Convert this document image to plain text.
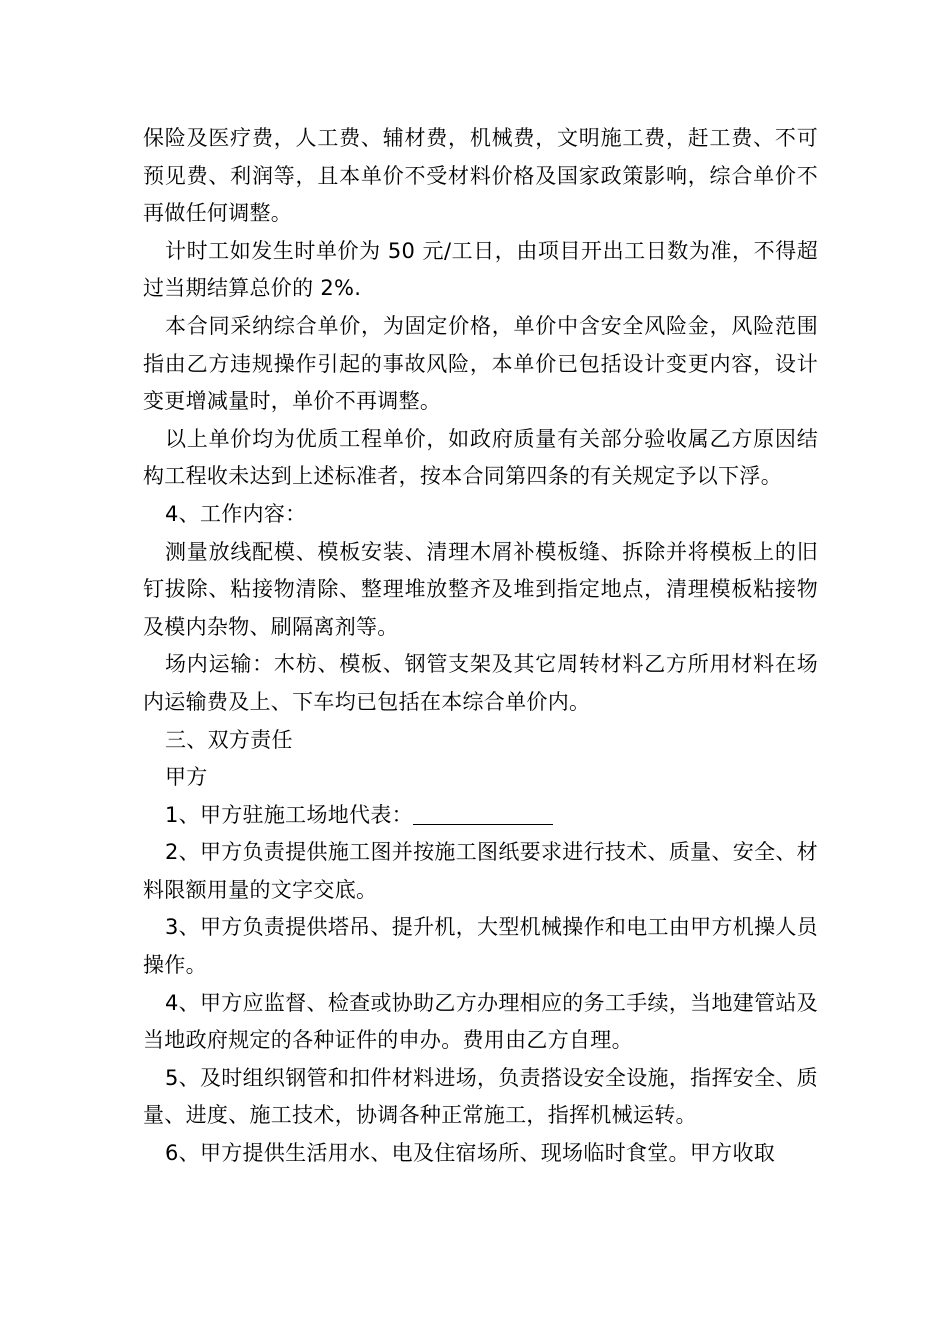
保险及医疗费，人工费、辅材费，机械费，文明施工费，赶工费、不可预见费、利润等，且本单价不受材料价格及国家政策影响，综合单价不再做任何调整。

计时工如发生时单价为 50 元/工日，由项目开出工日数为准，不得超过当期结算总价的 2%.

本合同采纳综合单价，为固定价格，单价中含安全风险金，风险范围指由乙方违规操作引起的事故风险，本单价已包括设计变更内容，设计变更增减量时，单价不再调整。

以上单价均为优质工程单价，如政府质量有关部分验收属乙方原因结构工程收未达到上述标准者，按本合同第四条的有关规定予以下浮。

4、工作内容：

测量放线配模、模板安装、清理木屑补模板缝、拆除并将模板上的旧钉拔除、粘接物清除、整理堆放整齐及堆到指定地点，清理模板粘接物及模内杂物、刷隔离剂等。

场内运输：木枋、模板、钢管支架及其它周转材料乙方所用材料在场内运输费及上、下车均已包括在本综合单价内。

三、双方责任

甲方

1、甲方驻施工场地代表：

2、甲方负责提供施工图并按施工图纸要求进行技术、质量、安全、材料限额用量的文字交底。

3、甲方负责提供塔吊、提升机，大型机械操作和电工由甲方机操人员操作。

4、甲方应监督、检查或协助乙方办理相应的务工手续，当地建管站及当地政府规定的各种证件的申办。费用由乙方自理。

5、及时组织钢管和扣件材料进场，负责搭设安全设施，指挥安全、质量、进度、施工技术，协调各种正常施工，指挥机械运转。

6、甲方提供生活用水、电及住宿场所、现场临时食堂。甲方收取
